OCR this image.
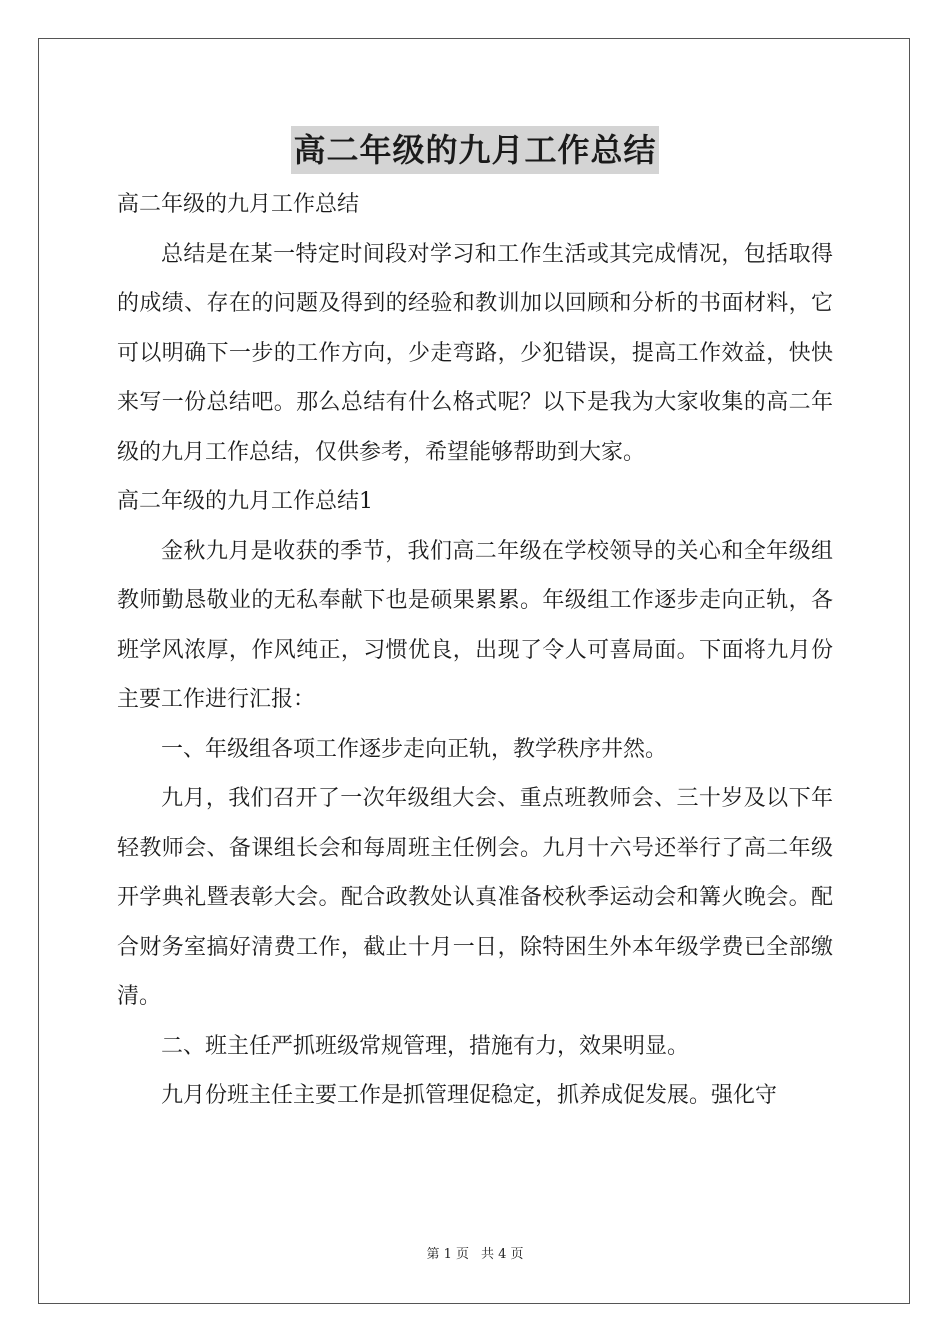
高二年级的九月工作总结

高二年级的九月工作总结

总结是在某一特定时间段对学习和工作生活或其完成情况，包括取得的成绩、存在的问题及得到的经验和教训加以回顾和分析的书面材料，它可以明确下一步的工作方向，少走弯路，少犯错误，提高工作效益，快快来写一份总结吧。那么总结有什么格式呢？以下是我为大家收集的高二年级的九月工作总结，仅供参考，希望能够帮助到大家。

高二年级的九月工作总结1

金秋九月是收获的季节，我们高二年级在学校领导的关心和全年级组教师勤恳敬业的无私奉献下也是硕果累累。年级组工作逐步走向正轨，各班学风浓厚，作风纯正，习惯优良，出现了令人可喜局面。下面将九月份主要工作进行汇报：

一、年级组各项工作逐步走向正轨，教学秩序井然。

九月，我们召开了一次年级组大会、重点班教师会、三十岁及以下年轻教师会、备课组长会和每周班主任例会。九月十六号还举行了高二年级开学典礼暨表彰大会。配合政教处认真准备校秋季运动会和篝火晚会。配合财务室搞好清费工作，截止十月一日，除特困生外本年级学费已全部缴清。

二、班主任严抓班级常规管理，措施有力，效果明显。

九月份班主任主要工作是抓管理促稳定，抓养成促发展。强化守

第 1 页 共 4 页
